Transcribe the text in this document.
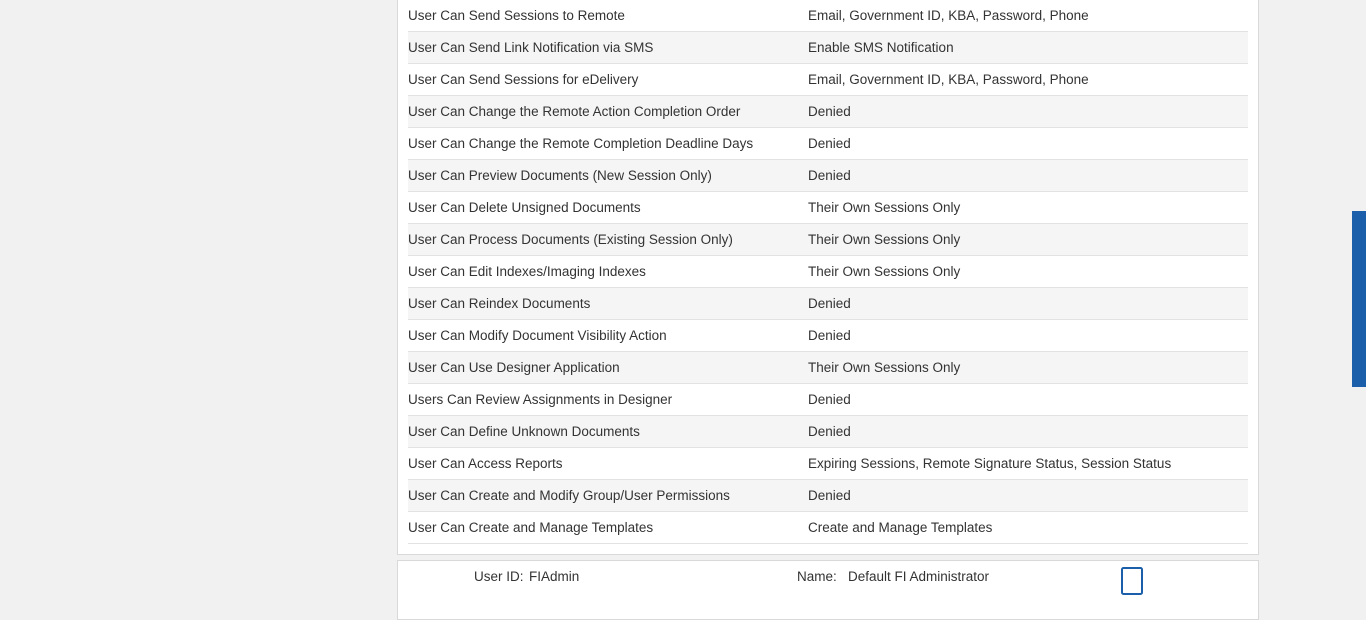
User Can Send Sessions to Remote	Email, Government ID, KBA, Password, Phone
User Can Send Link Notification via SMS	Enable SMS Notification
User Can Send Sessions for eDelivery	Email, Government ID, KBA, Password, Phone
User Can Change the Remote Action Completion Order	Denied
User Can Change the Remote Completion Deadline Days	Denied
User Can Preview Documents (New Session Only)	Denied
User Can Delete Unsigned Documents	Their Own Sessions Only
User Can Process Documents (Existing Session Only)	Their Own Sessions Only
User Can Edit Indexes/Imaging Indexes	Their Own Sessions Only
User Can Reindex Documents	Denied
User Can Modify Document Visibility Action	Denied
User Can Use Designer Application	Their Own Sessions Only
Users Can Review Assignments in Designer	Denied
User Can Define Unknown Documents	Denied
User Can Access Reports	Expiring Sessions, Remote Signature Status, Session Status
User Can Create and Modify Group/User Permissions	Denied
User Can Create and Manage Templates	Create and Manage Templates
User ID: FIAdmin	Name: Default FI Administrator
